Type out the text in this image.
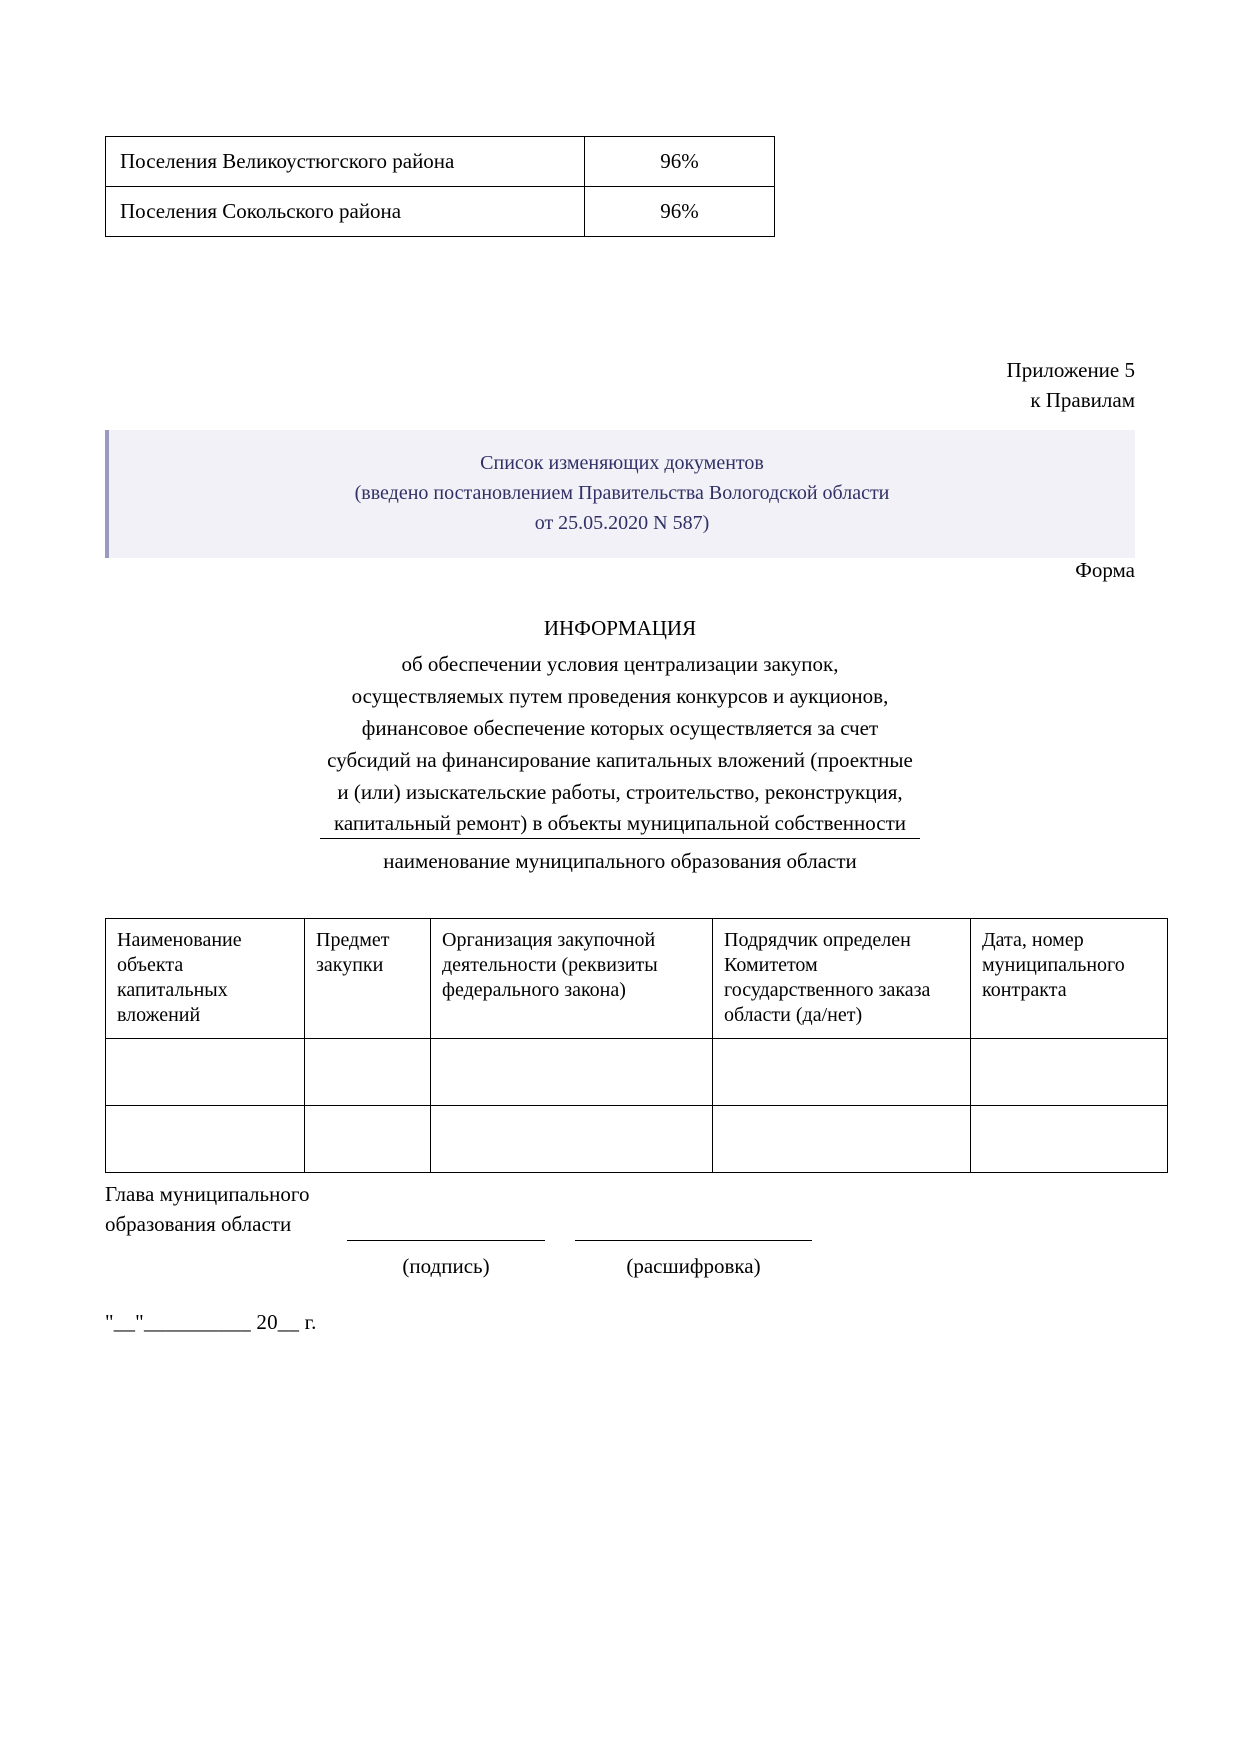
Поселения Великоустюгского района	96%
Поселения Сокольского района	96%
Приложение 5
к Правилам
Список изменяющих документов
(введено постановлением Правительства Вологодской области
от 25.05.2020 N 587)
Форма
ИНФОРМАЦИЯ
об обеспечении условия централизации закупок,
осуществляемых путем проведения конкурсов и аукционов,
финансовое обеспечение которых осуществляется за счет
субсидий на финансирование капитальных вложений (проектные
и (или) изыскательские работы, строительство, реконструкция,
капитальный ремонт) в объекты муниципальной собственности
наименование муниципального образования области
Наименование объекта капитальных вложений	Предмет закупки	Организация закупочной деятельности (реквизиты федерального закона)	Подрядчик определен Комитетом государственного заказа области (да/нет)	Дата, номер муниципального контракта

Глава муниципального
образования области
(подпись)	(расшифровка)
"__"__________ 20__ г.
